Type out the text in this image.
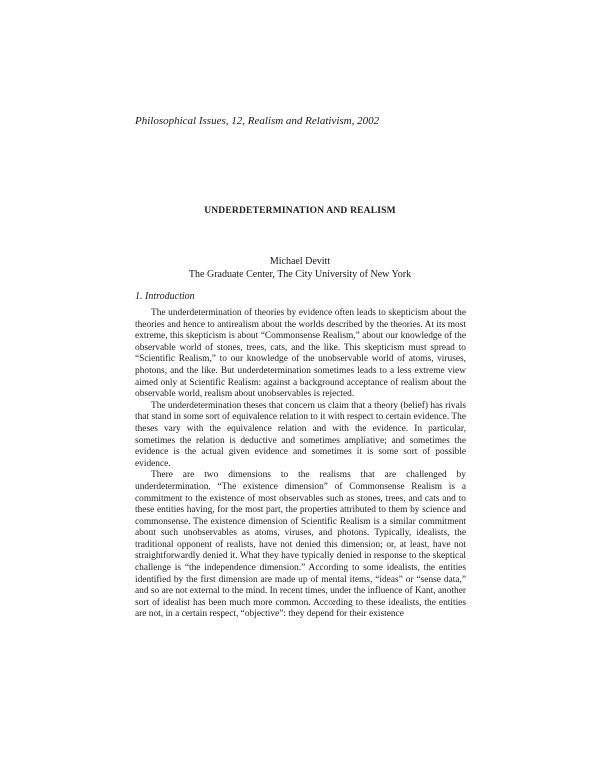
Philosophical Issues, 12, Realism and Relativism, 2002
UNDERDETERMINATION AND REALISM
Michael Devitt
The Graduate Center, The City University of New York
1. Introduction

The underdetermination of theories by evidence often leads to skepticism about the theories and hence to antirealism about the worlds described by the theories. At its most extreme, this skepticism is about “Commonsense Realism,” about our knowledge of the observable world of stones, trees, cats, and the like. This skepticism must spread to “Scientific Realism,” to our knowledge of the unobservable world of atoms, viruses, photons, and the like. But underdetermination sometimes leads to a less extreme view aimed only at Scientific Realism: against a background acceptance of realism about the observable world, realism about unobservables is rejected.

The underdetermination theses that concern us claim that a theory (belief) has rivals that stand in some sort of equivalence relation to it with respect to certain evidence. The theses vary with the equivalence relation and with the evidence. In particular, sometimes the relation is deductive and sometimes ampliative; and sometimes the evidence is the actual given evidence and sometimes it is some sort of possible evidence.

There are two dimensions to the realisms that are challenged by underdetermination. “The existence dimension” of Commonsense Realism is a commitment to the existence of most observables such as stones, trees, and cats and to these entities having, for the most part, the properties attributed to them by science and commonsense. The existence dimension of Scientific Realism is a similar commitment about such unobservables as atoms, viruses, and photons. Typically, idealists, the traditional opponent of realists, have not denied this dimension; or, at least, have not straightforwardly denied it. What they have typically denied in response to the skeptical challenge is “the independence dimension.” According to some idealists, the entities identified by the first dimension are made up of mental items, “ideas” or “sense data,” and so are not external to the mind. In recent times, under the influence of Kant, another sort of idealist has been much more common. According to these idealists, the entities are not, in a certain respect, “objective”: they depend for their existence
